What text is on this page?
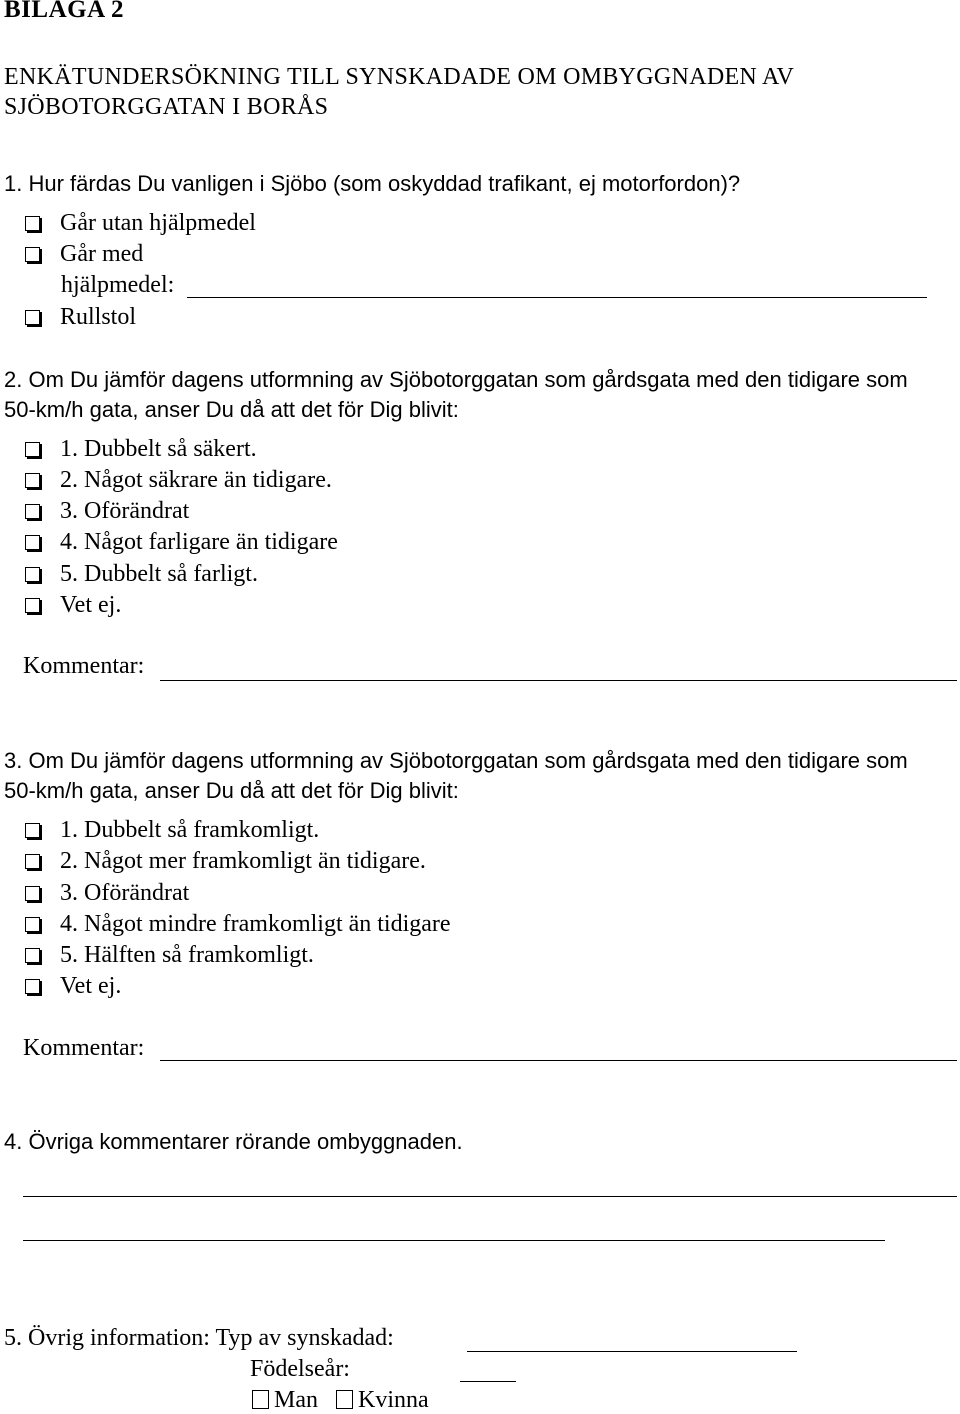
BILAGA 2
ENKÄTUNDERSÖKNING TILL SYNSKADADE OM OMBYGGNADEN AV
SJÖBOTORGGATAN I BORÅS
1. Hur färdas Du vanligen i Sjöbo (som oskyddad trafikant, ej motorfordon)?
Går utan hjälpmedel
Går med
hjälpmedel:
Rullstol
2. Om Du jämför dagens utformning av Sjöbotorggatan som gårdsgata med den tidigare som
50-km/h gata, anser Du då att det för Dig blivit:
1. Dubbelt så säkert.
2. Något säkrare än tidigare.
3. Oförändrat
4. Något farligare än tidigare
5. Dubbelt så farligt.
Vet ej.
Kommentar:
3. Om Du jämför dagens utformning av Sjöbotorggatan som gårdsgata med den tidigare som
50-km/h gata, anser Du då att det för Dig blivit:
1. Dubbelt så framkomligt.
2. Något mer framkomligt än tidigare.
3. Oförändrat
4. Något mindre framkomligt än tidigare
5. Hälften så framkomligt.
Vet ej.
Kommentar:
4. Övriga kommentarer rörande ombyggnaden.
5. Övrig information: Typ av synskadad:
Födelseår:
Man	Kvinna
